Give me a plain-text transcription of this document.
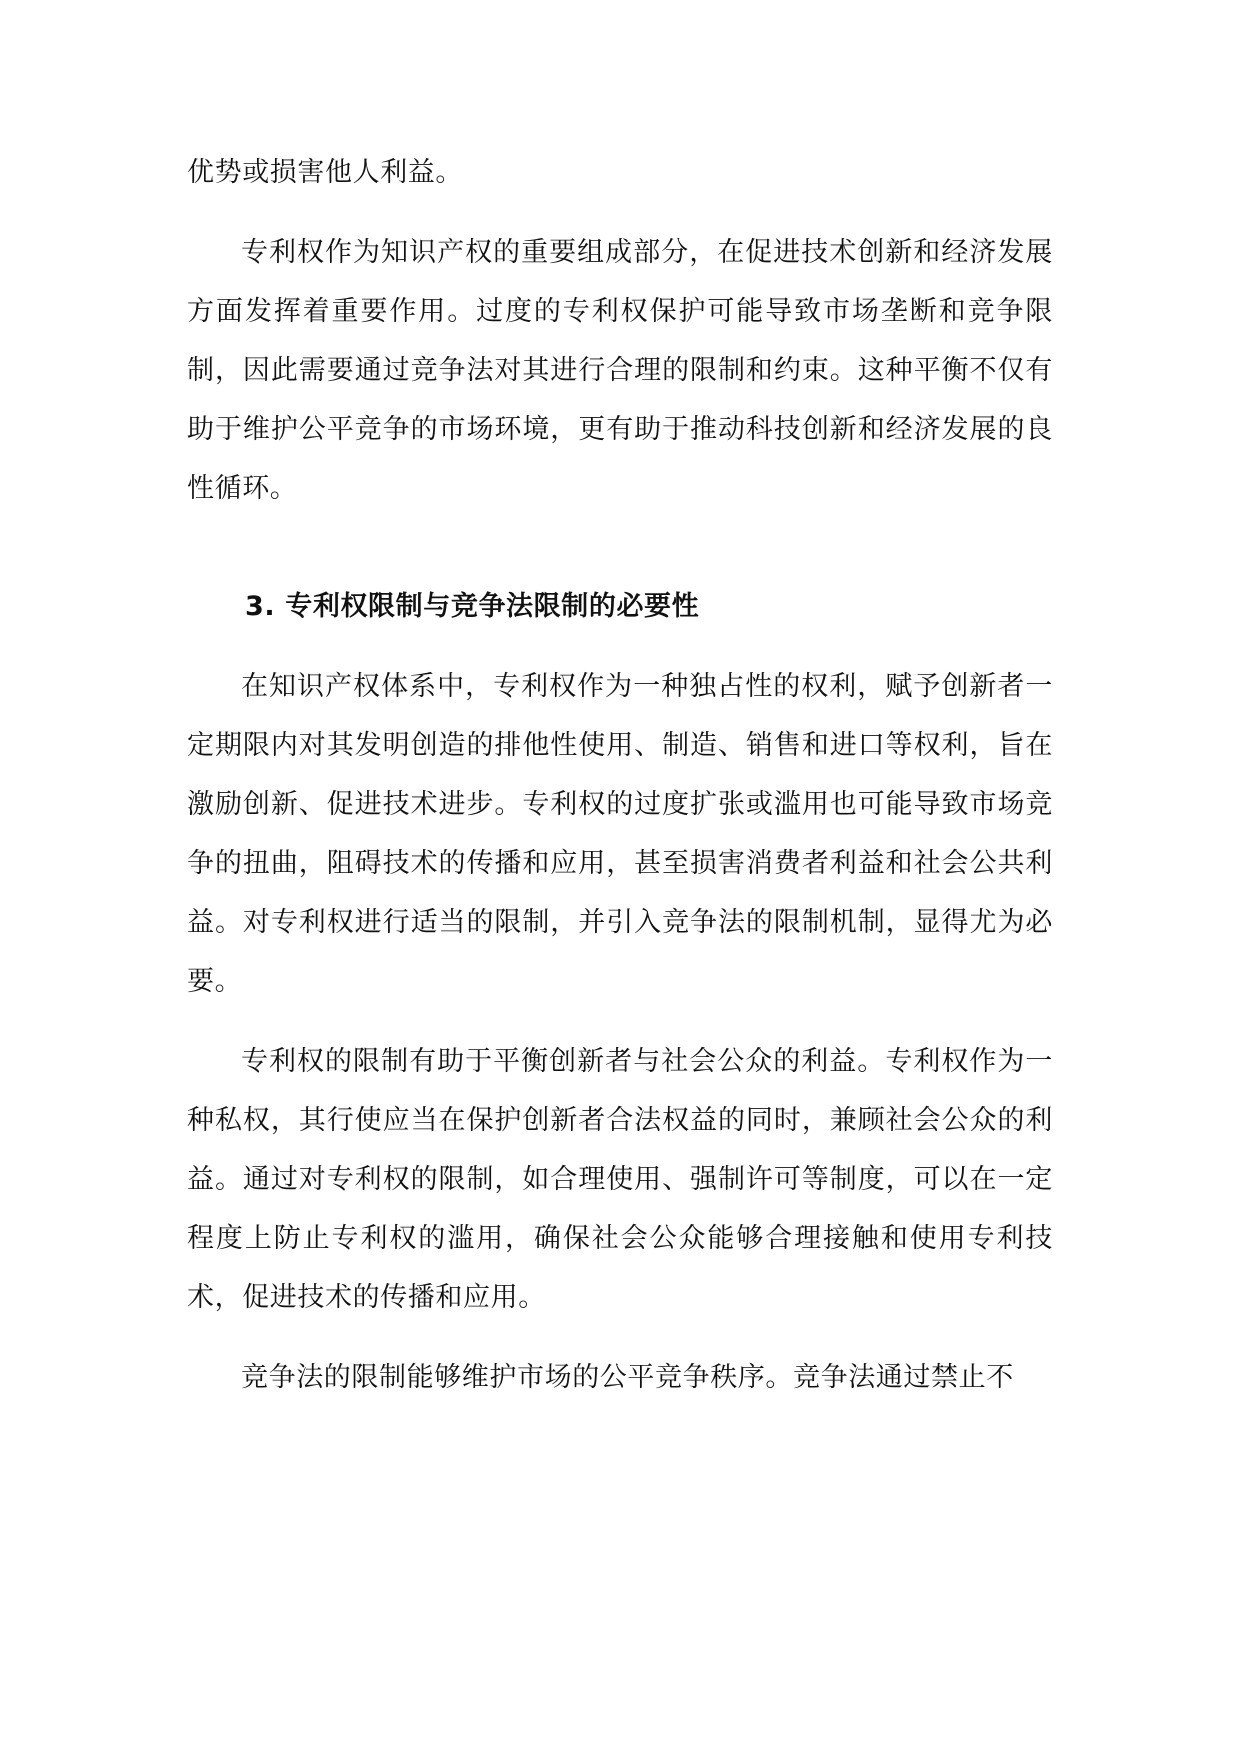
优势或损害他人利益。

专利权作为知识产权的重要组成部分，在促进技术创新和经济发展方面发挥着重要作用。过度的专利权保护可能导致市场垄断和竞争限制，因此需要通过竞争法对其进行合理的限制和约束。这种平衡不仅有助于维护公平竞争的市场环境，更有助于推动科技创新和经济发展的良性循环。

3. 专利权限制与竞争法限制的必要性

在知识产权体系中，专利权作为一种独占性的权利，赋予创新者一定期限内对其发明创造的排他性使用、制造、销售和进口等权利，旨在激励创新、促进技术进步。专利权的过度扩张或滥用也可能导致市场竞争的扭曲，阻碍技术的传播和应用，甚至损害消费者利益和社会公共利益。对专利权进行适当的限制，并引入竞争法的限制机制，显得尤为必要。

专利权的限制有助于平衡创新者与社会公众的利益。专利权作为一种私权，其行使应当在保护创新者合法权益的同时，兼顾社会公众的利益。通过对专利权的限制，如合理使用、强制许可等制度，可以在一定程度上防止专利权的滥用，确保社会公众能够合理接触和使用专利技术，促进技术的传播和应用。

竞争法的限制能够维护市场的公平竞争秩序。竞争法通过禁止不
